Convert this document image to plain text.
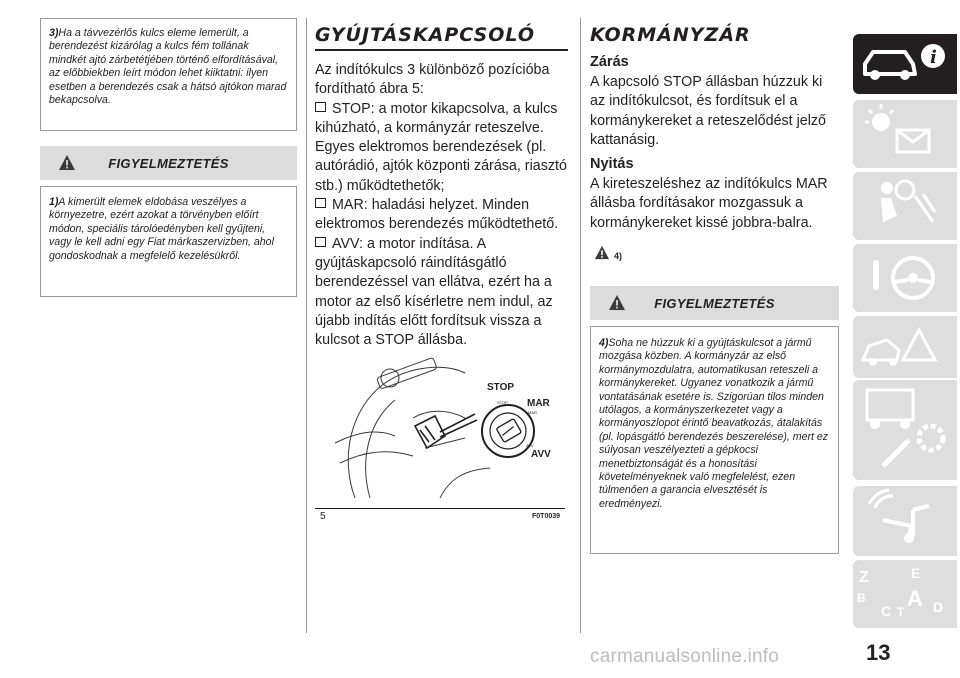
3)Ha a távvezérlős kulcs eleme lemerült, a berendezést kizárólag a kulcs fém tollának mindkét ajtó zárbetétjében történő elfordításával, az előbbiekben leírt módon lehet kiiktatni: ilyen esetben a berendezés csak a hátsó ajtókon marad bekapcsolva.

FIGYELMEZTETÉS

1)A kimerült elemek eldobása veszélyes a környezetre, ezért azokat a törvényben előírt módon, speciális tárolóedényben kell gyűjteni, vagy le kell adni egy Fiat márkaszervizben, ahol gondoskodnak a megfelelő kezelésükről.

GYÚJTÁSKAPCSOLÓ

Az indítókulcs 3 különböző pozícióba fordítható ábra 5:

STOP: a motor kikapcsolva, a kulcs kihúzható, a kormányzár reteszelve. Egyes elektromos berendezések (pl. autórádió, ajtók központi zárása, riasztó stb.) működtethetők;

MAR: haladási helyzet. Minden elektromos berendezés működtethető.

AVV: a motor indítása. A gyújtáskapcsoló ráindításgátló berendezéssel van ellátva, ezért ha a motor az első kísérletre nem indul, az újabb indítás előtt fordítsuk vissza a kulcsot a STOP állásba.

STOP
MAR
AVV
STOP
MAR
AVV
5	F0T0039
KORMÁNYZÁR
Zárás

A kapcsoló STOP állásban húzzuk ki az indítókulcsot, és fordítsuk el a kormánykereket a reteszelődést jelző kattanásig.

Nyitás

A kireteszeléshez az indítókulcs MAR állásba fordításakor mozgassuk a kormánykereket kissé jobbra-balra.

4)
FIGYELMEZTETÉS

4)Soha ne húzzuk ki a gyújtáskulcsot a jármű mozgása közben. A kormányzár az első kormánymozdulatra, automatikusan reteszeli a kormánykereket. Ugyanez vonatkozik a jármű vontatásának esetére is. Szigorúan tilos minden utólagos, a kormányszerkezetet vagy a kormányoszlopot érintő beavatkozás, átalakítás (pl. lopásgátló berendezés beszerelése), mert ez súlyosan veszélyezteti a gépkocsi menetbiztonságát és a honosítási követelményeknek való megfelelést, ezen túlmenően a garancia elvesztését is eredményezi.

i
Z	E
B
C A D
T
13
carmanualsonline.info
